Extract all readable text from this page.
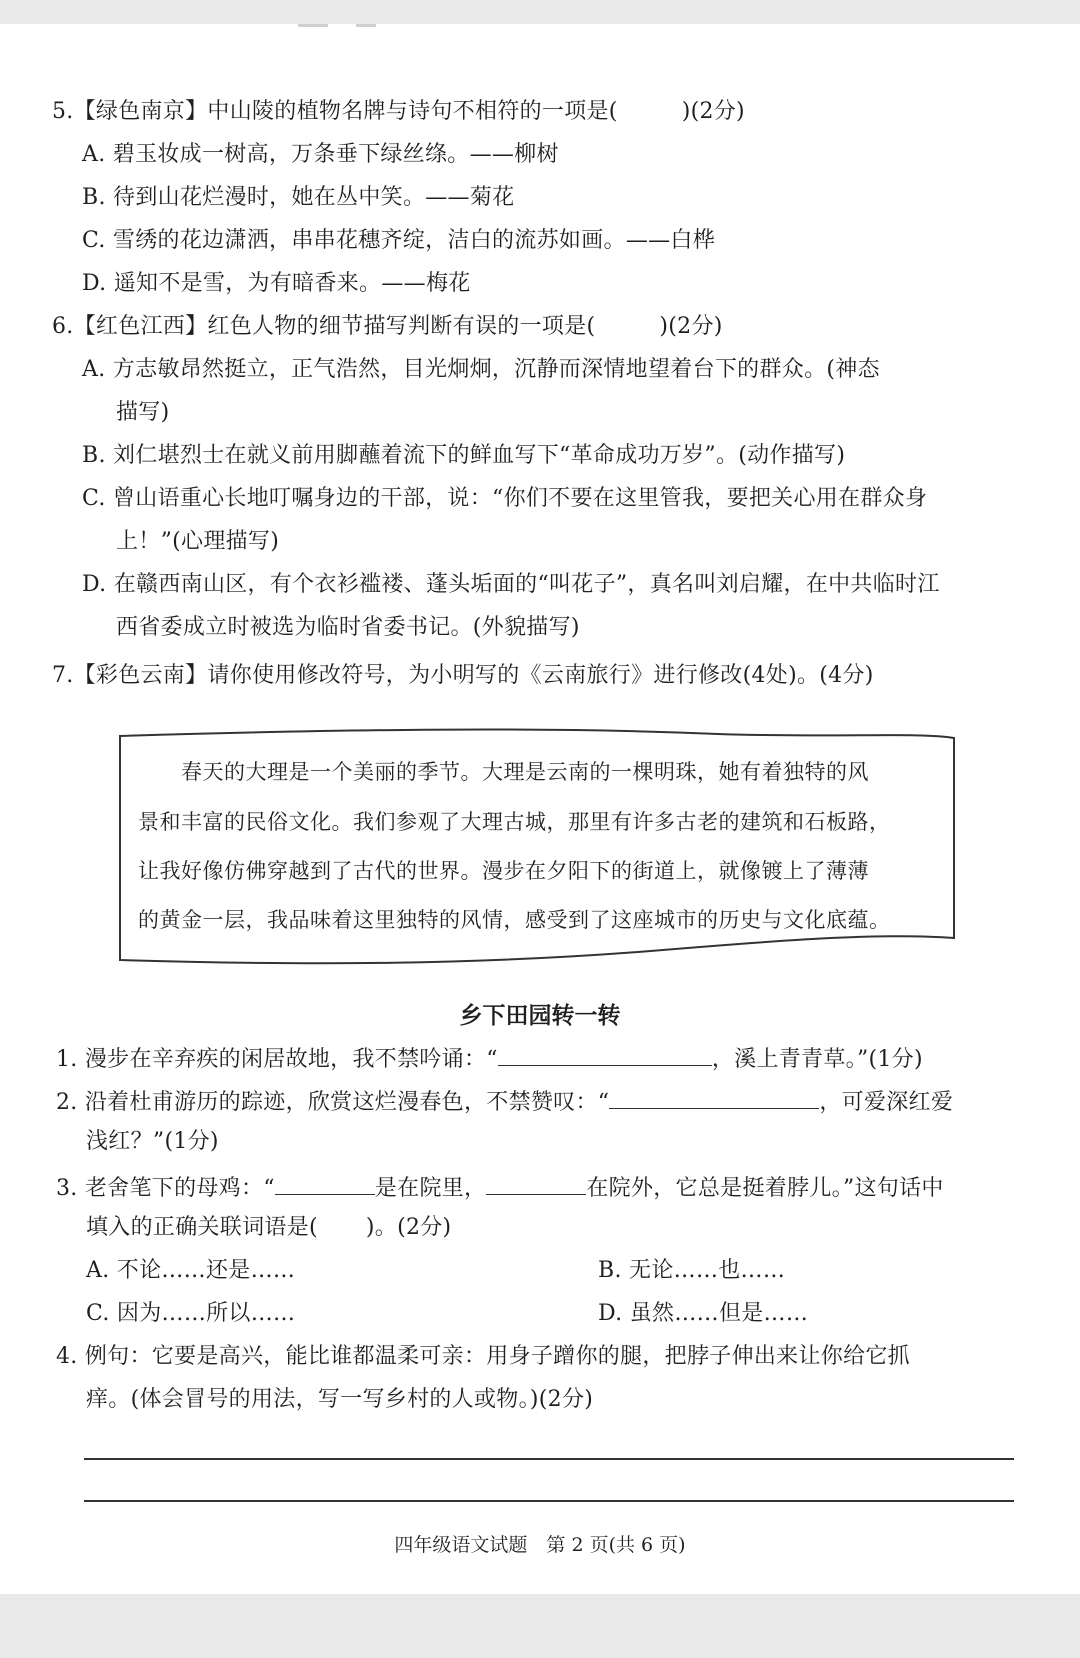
5.【绿色南京】中山陵的植物名牌与诗句不相符的一项是(	)(2分)
A. 碧玉妆成一树高，万条垂下绿丝绦。——柳树
B. 待到山花烂漫时，她在丛中笑。——菊花
C. 雪绣的花边潇洒，串串花穗齐绽，洁白的流苏如画。——白桦
D. 遥知不是雪，为有暗香来。——梅花
6.【红色江西】红色人物的细节描写判断有误的一项是(	)(2分)
A. 方志敏昂然挺立，正气浩然，目光炯炯，沉静而深情地望着台下的群众。(神态
描写)
B. 刘仁堪烈士在就义前用脚蘸着流下的鲜血写下“革命成功万岁”。(动作描写)
C. 曾山语重心长地叮嘱身边的干部，说：“你们不要在这里管我，要把关心用在群众身
上！”(心理描写)
D. 在赣西南山区，有个衣衫褴褛、蓬头垢面的“叫花子”，真名叫刘启耀，在中共临时江
西省委成立时被选为临时省委书记。(外貌描写)
7.【彩色云南】请你使用修改符号，为小明写的《云南旅行》进行修改(4处)。(4分)
　　春天的大理是一个美丽的季节。大理是云南的一棵明珠，她有着独特的风
景和丰富的民俗文化。我们参观了大理古城，那里有许多古老的建筑和石板路，
让我好像仿佛穿越到了古代的世界。漫步在夕阳下的街道上，就像镀上了薄薄
的黄金一层，我品味着这里独特的风情，感受到了这座城市的历史与文化底蕴。
乡下田园转一转
1. 漫步在辛弃疾的闲居故地，我不禁吟诵：“	，溪上青青草。”(1分)
2. 沿着杜甫游历的踪迹，欣赏这烂漫春色，不禁赞叹：“	，可爱深红爱
浅红？”(1分)
3. 老舍笔下的母鸡：“	是在院里，	在院外，它总是挺着脖儿。”这句话中
填入的正确关联词语是( )。(2分)
A. 不论……还是……	B. 无论……也……
C. 因为……所以……	D. 虽然……但是……
4. 例句：它要是高兴，能比谁都温柔可亲：用身子蹭你的腿，把脖子伸出来让你给它抓
痒。(体会冒号的用法，写一写乡村的人或物。)(2分)
四年级语文试题　第 2 页(共 6 页)
